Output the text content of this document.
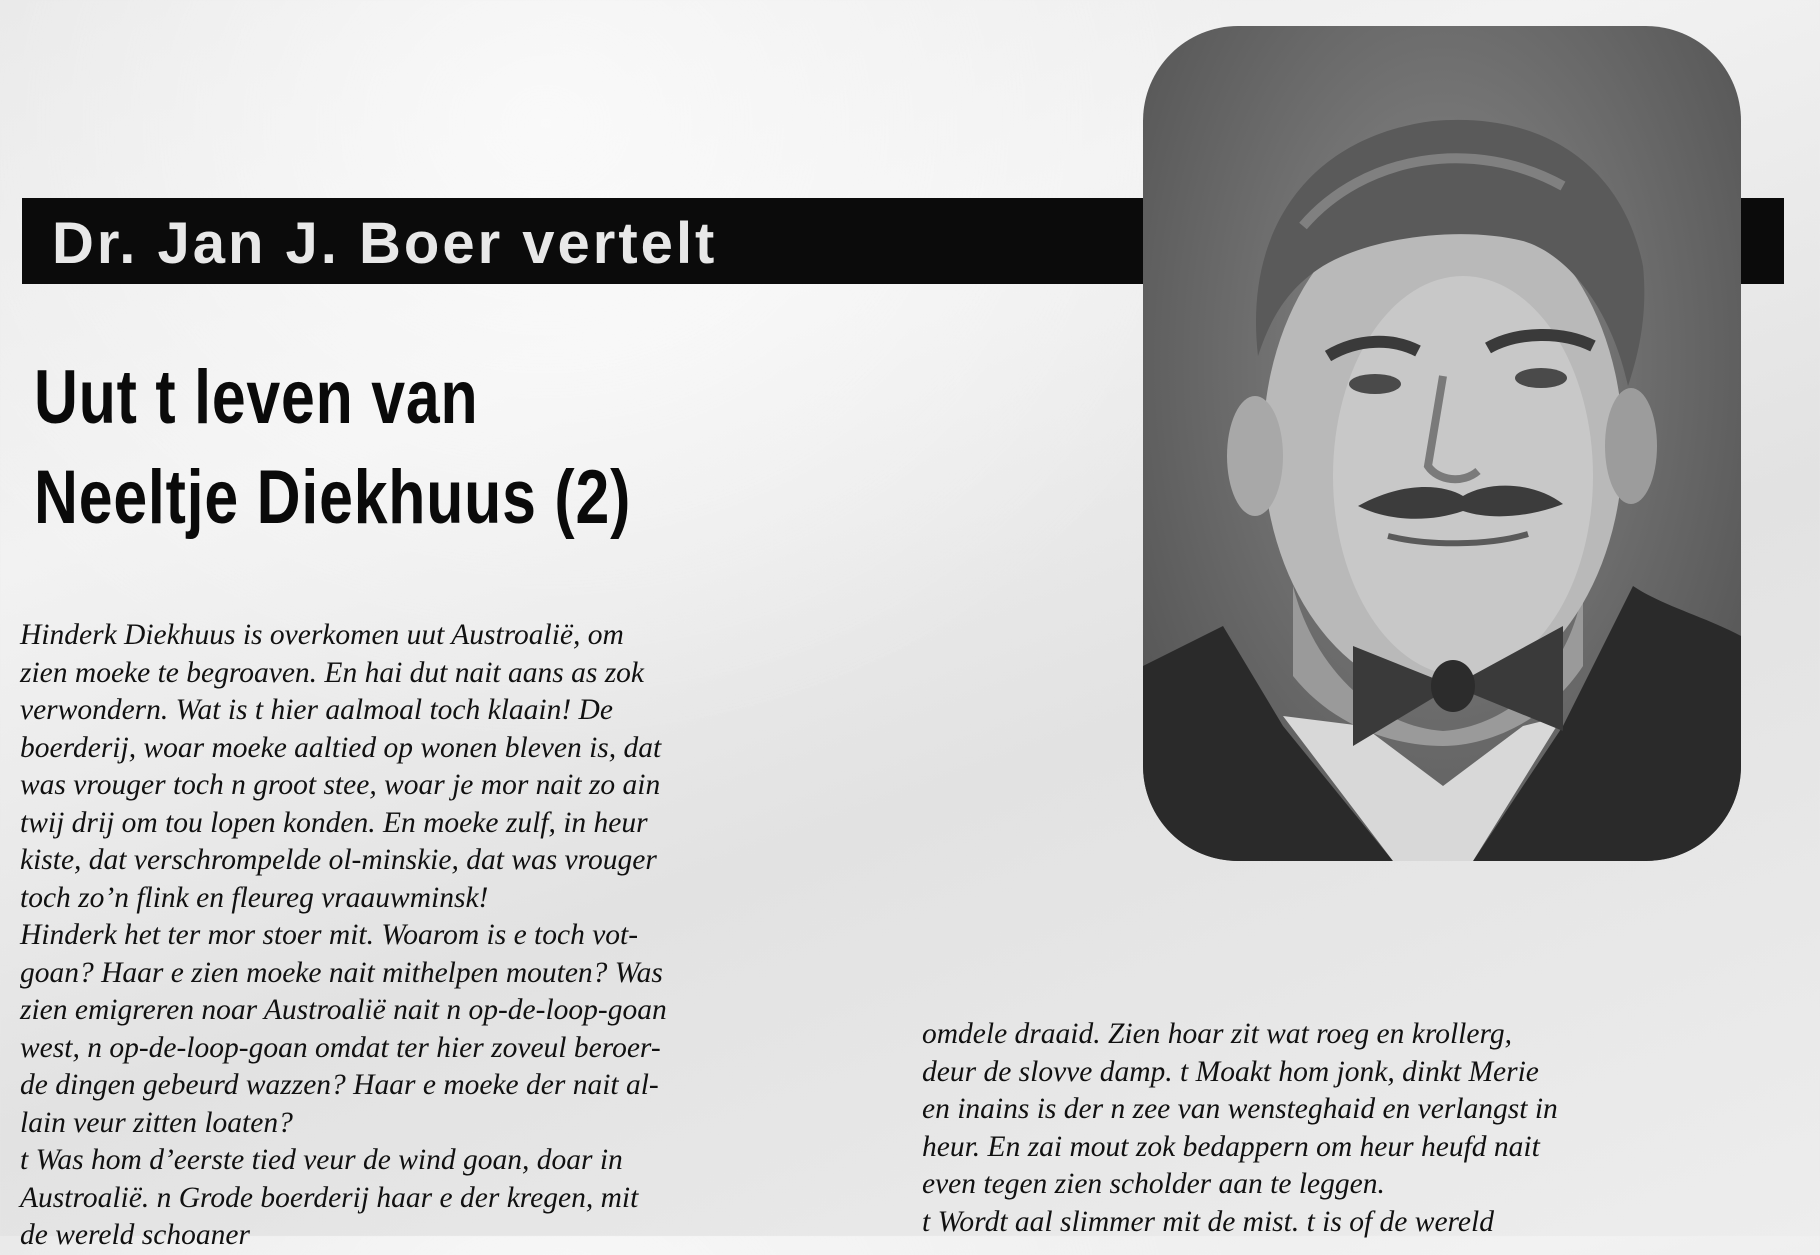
Dr. Jan J. Boer vertelt
Uut t leven van
Neeltje Diekhuus (2)

Hinderk Diekhuus is overkomen uut Austroalië, om

zien moeke te begroaven. En hai dut nait aans as zok

verwondern. Wat is t hier aalmoal toch klaain! De

boerderij, woar moeke aaltied op wonen bleven is, dat

was vrouger toch n groot stee, woar je mor nait zo ain

twij drij om tou lopen konden. En moeke zulf, in heur

kiste, dat verschrompelde ol-minskie, dat was vrouger

toch zo’n flink en fleureg vraauwminsk!

Hinderk het ter mor stoer mit. Woarom is e toch vot-

goan? Haar e zien moeke nait mithelpen mouten? Was

zien emigreren noar Austroalië nait n op-de-loop-goan

west, n op-de-loop-goan omdat ter hier zoveul beroer-

de dingen gebeurd wazzen? Haar e moeke der nait al-

lain veur zitten loaten?

t Was hom d’eerste tied veur de wind goan, doar in

Austroalië. n Grode boerderij haar e der kregen, mit

de wereld schoaner

omdele draaid. Zien hoar zit wat roeg en krollerg,

deur de slovve damp. t Moakt hom jonk, dinkt Merie

en inains is der n zee van wensteghaid en verlangst in

heur. En zai mout zok bedappern om heur heufd nait

even tegen zien scholder aan te leggen.

t Wordt aal slimmer mit de mist. t is of de wereld
